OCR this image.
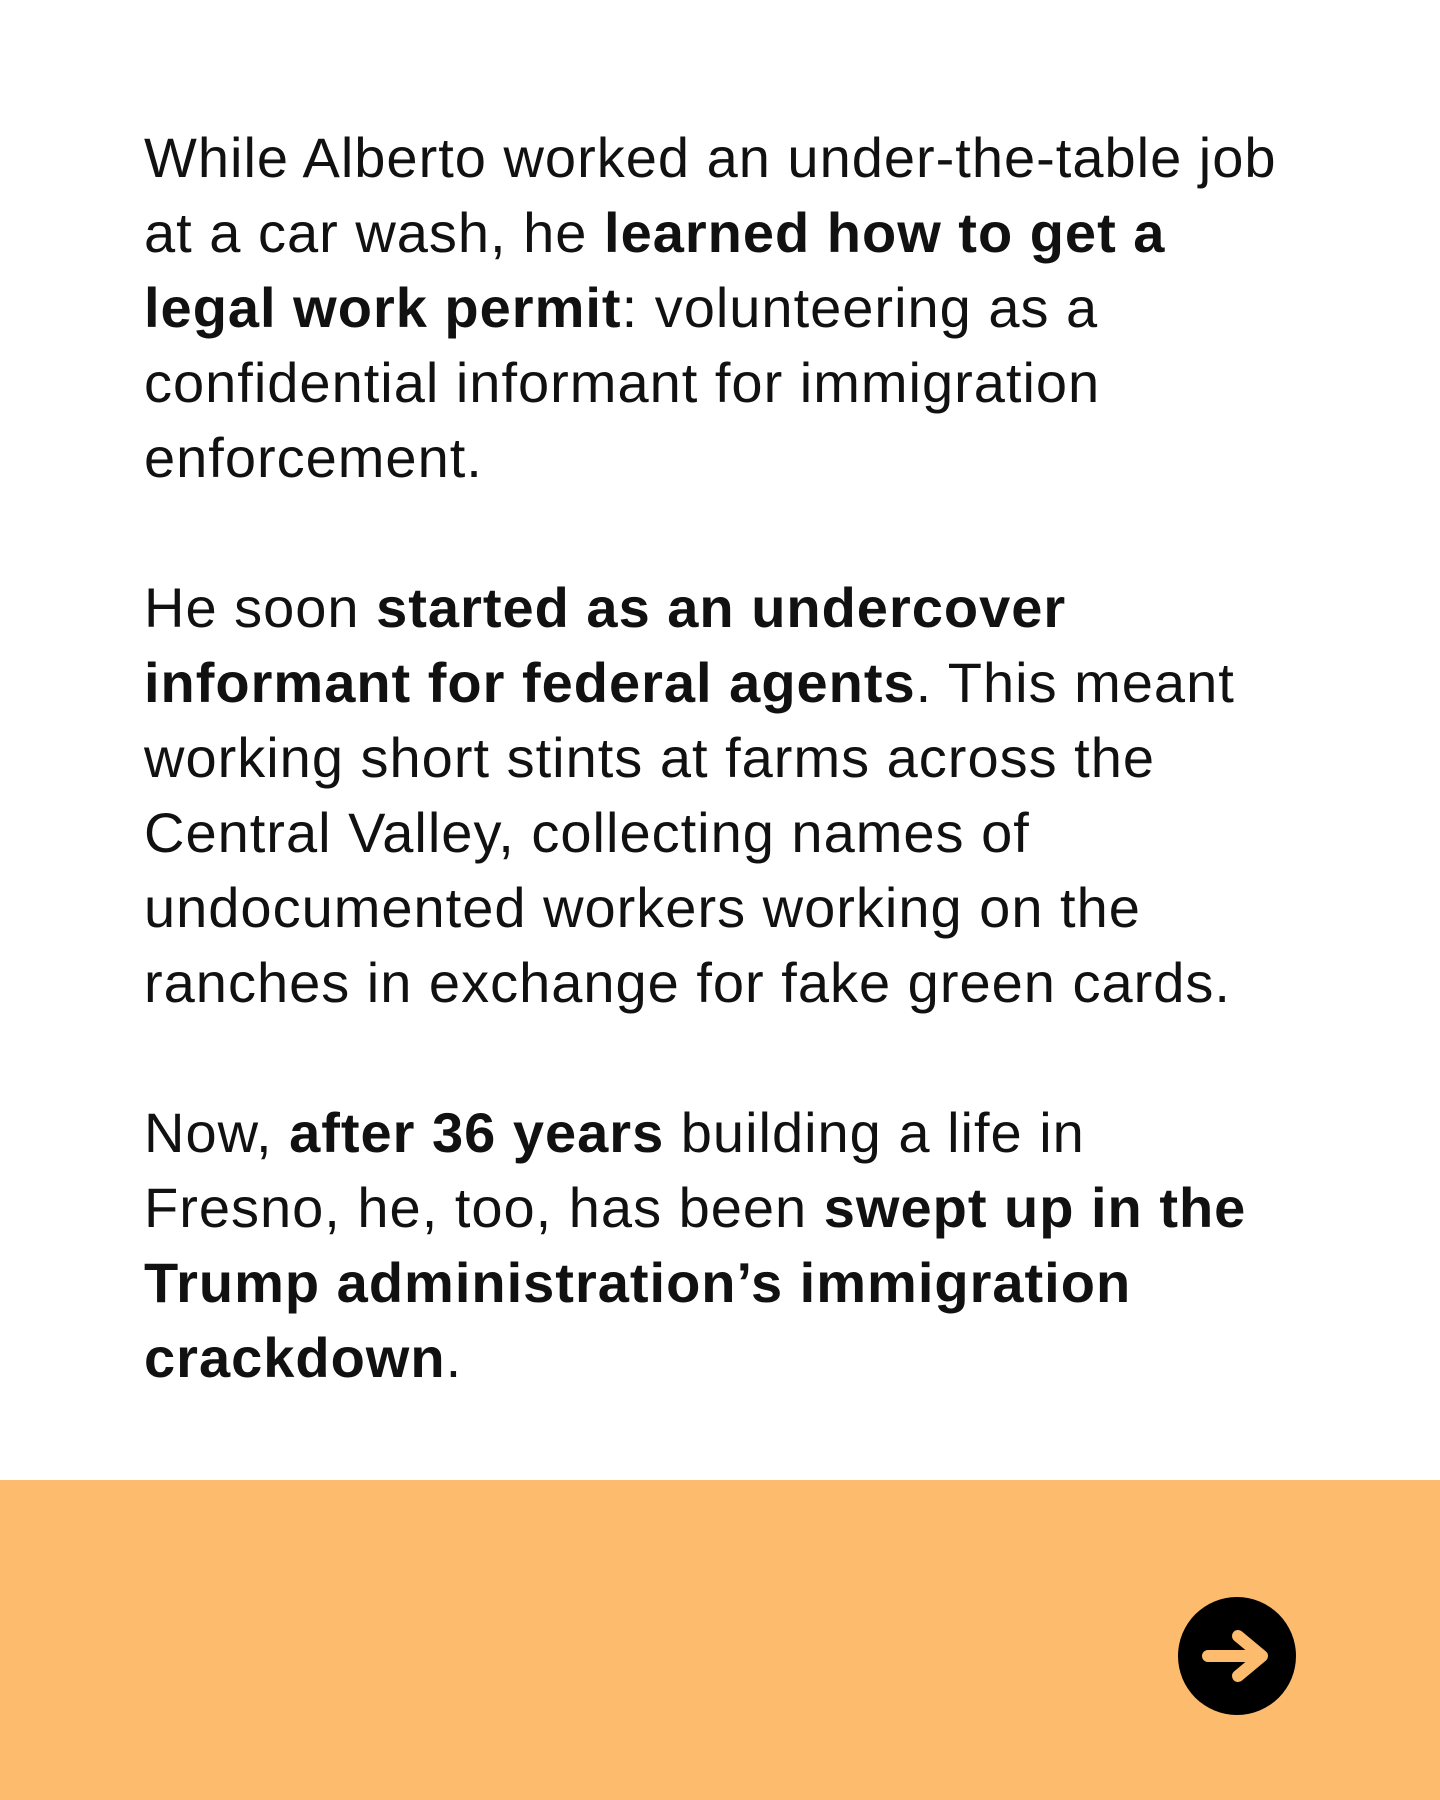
While Alberto worked an under-the-table job at a car wash, he learned how to get a legal work permit: volunteering as a confidential informant for immigration enforcement.

He soon started as an undercover informant for federal agents. This meant working short stints at farms across the Central Valley, collecting names of undocumented workers working on the ranches in exchange for fake green cards.

Now, after 36 years building a life in Fresno, he, too, has been swept up in the Trump administration’s immigration crackdown.
